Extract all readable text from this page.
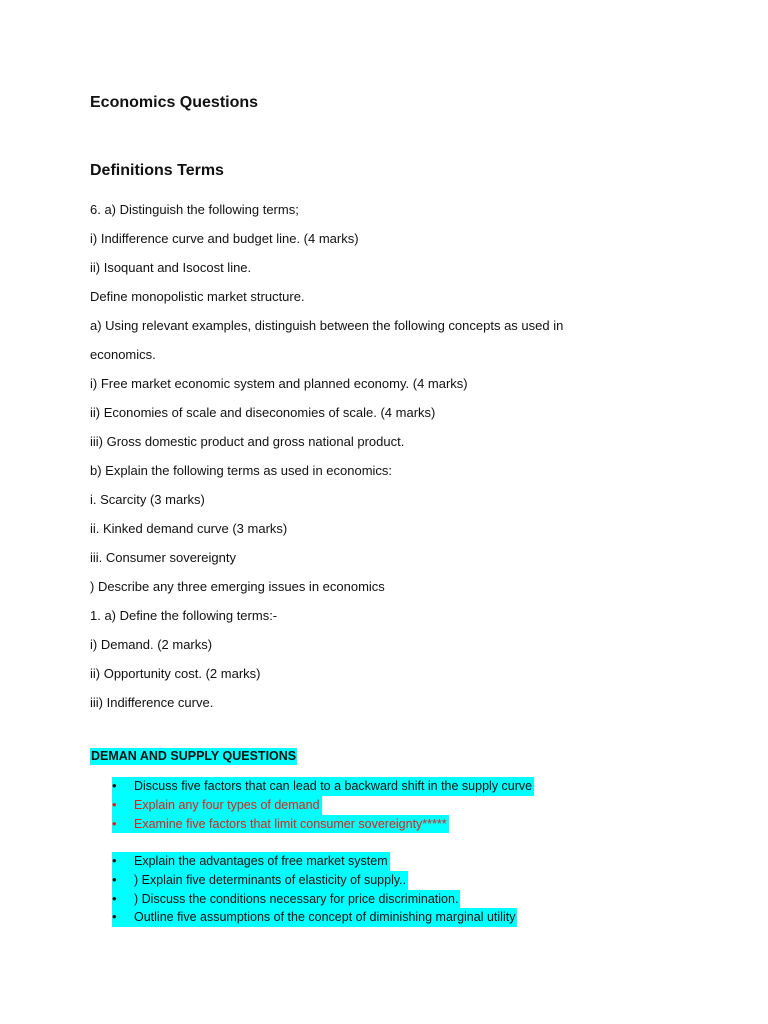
Economics Questions
Definitions Terms
6. a) Distinguish the following terms;
i) Indifference curve and budget line. (4 marks)
ii) Isoquant and Isocost line.
Define monopolistic market structure.
a) Using relevant examples, distinguish between the following concepts as used in
economics.
i) Free market economic system and planned economy. (4 marks)
ii) Economies of scale and diseconomies of scale. (4 marks)
iii) Gross domestic product and gross national product.
b) Explain the following terms as used in economics:
i. Scarcity (3 marks)
ii. Kinked demand curve (3 marks)
iii. Consumer sovereignty
) Describe any three emerging issues in economics
1. a) Define the following terms:-
i) Demand. (2 marks)
ii) Opportunity cost. (2 marks)
iii) Indifference curve.
DEMAN AND SUPPLY QUESTIONS
• Discuss five factors that can lead to a backward shift in the supply curve
• Explain any four types of demand
• Examine five factors that limit consumer sovereignty*****
• Explain the advantages of free market system
• ) Explain five determinants of elasticity of supply..
• ) Discuss the conditions necessary for price discrimination.
• Outline five assumptions of the concept of diminishing marginal utility
